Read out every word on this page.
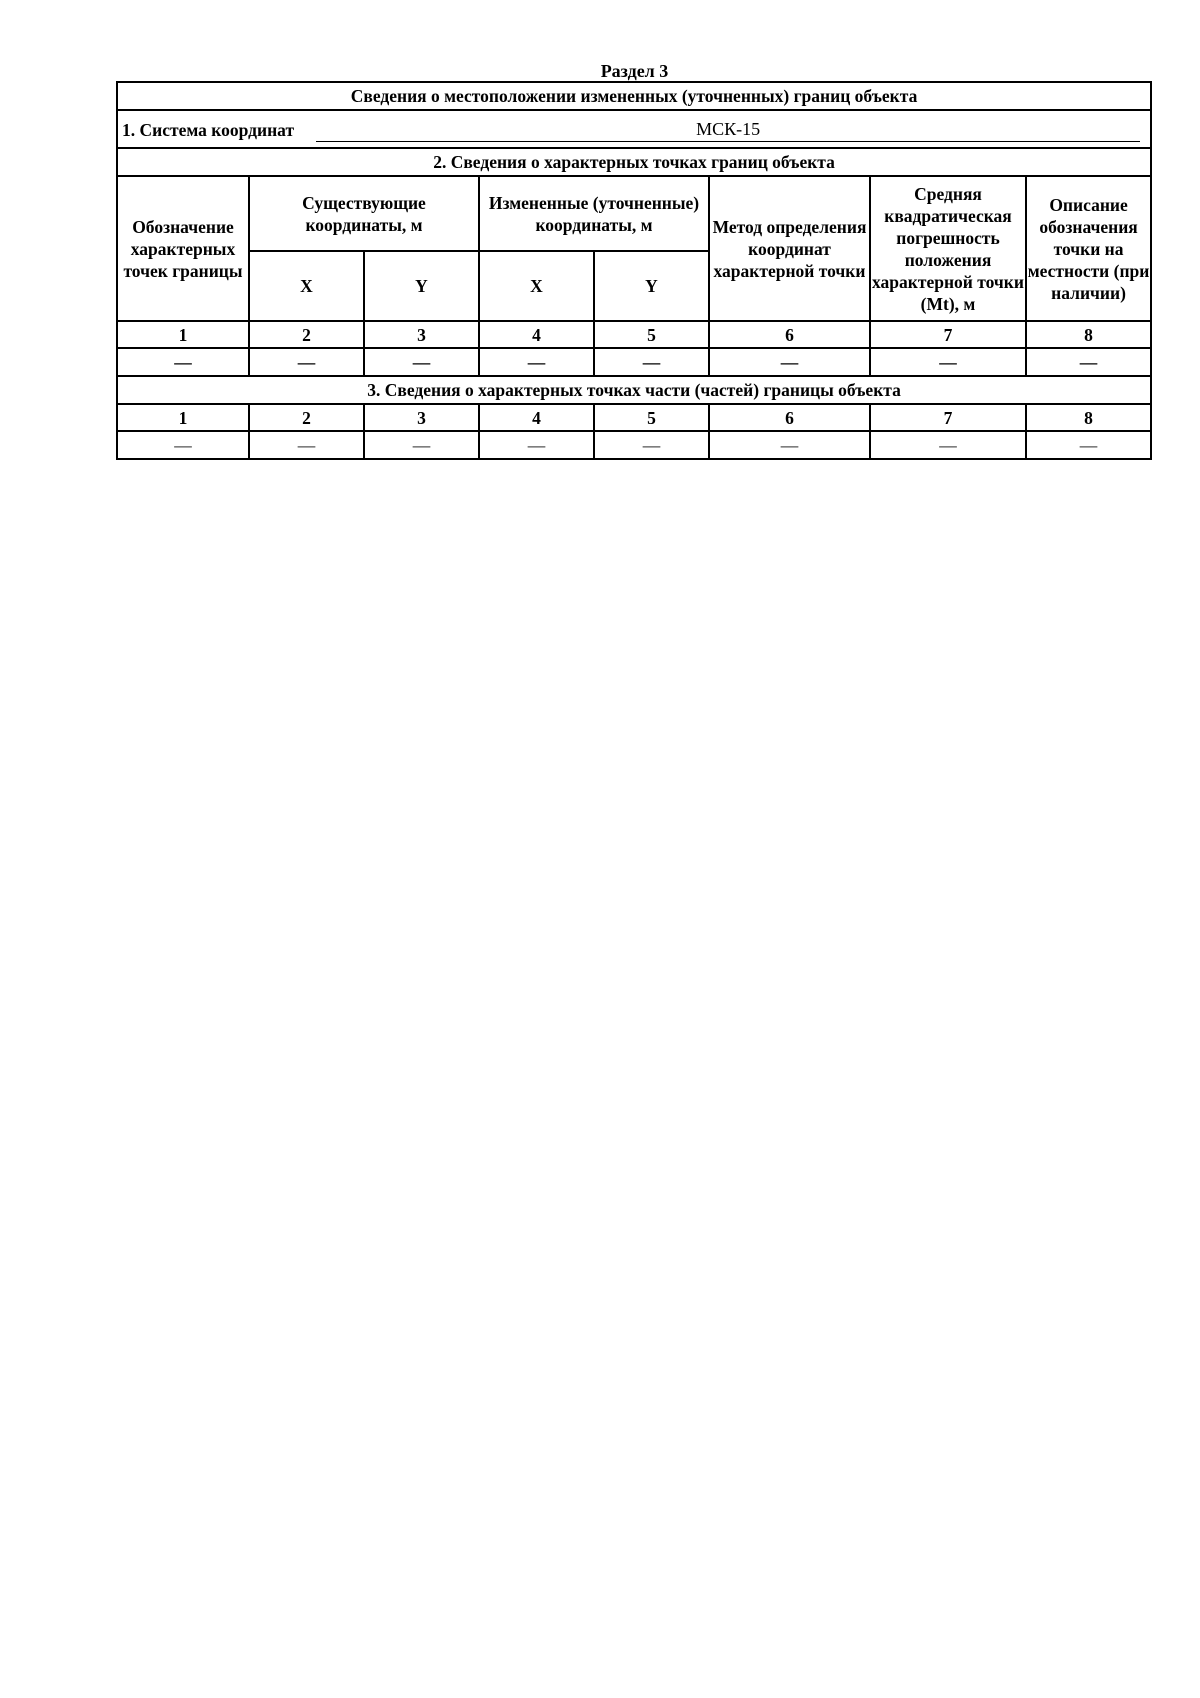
Раздел 3
Сведения о местоположении измененных (уточненных) границ объекта							

1. Система координат МСК-15							

2. Сведения о характерных точках границ объекта							
Обозначение характерных точек границы	Существующие координаты, м		Измененные (уточненные) координаты, м		Метод определения координат характерной точки	Средняя квадратическая погрешность положения характерной точки (Mt), м	Описание обозначения точки на местности (при наличии)
	X	Y	X	Y			
1	2	3	4	5	6	7	8
—	—	—	—	—	—	—	—
3. Сведения о характерных точках части (частей) границы объекта							
1	2	3	4	5	6	7	8
—	—	—	—	—	—	—	—
